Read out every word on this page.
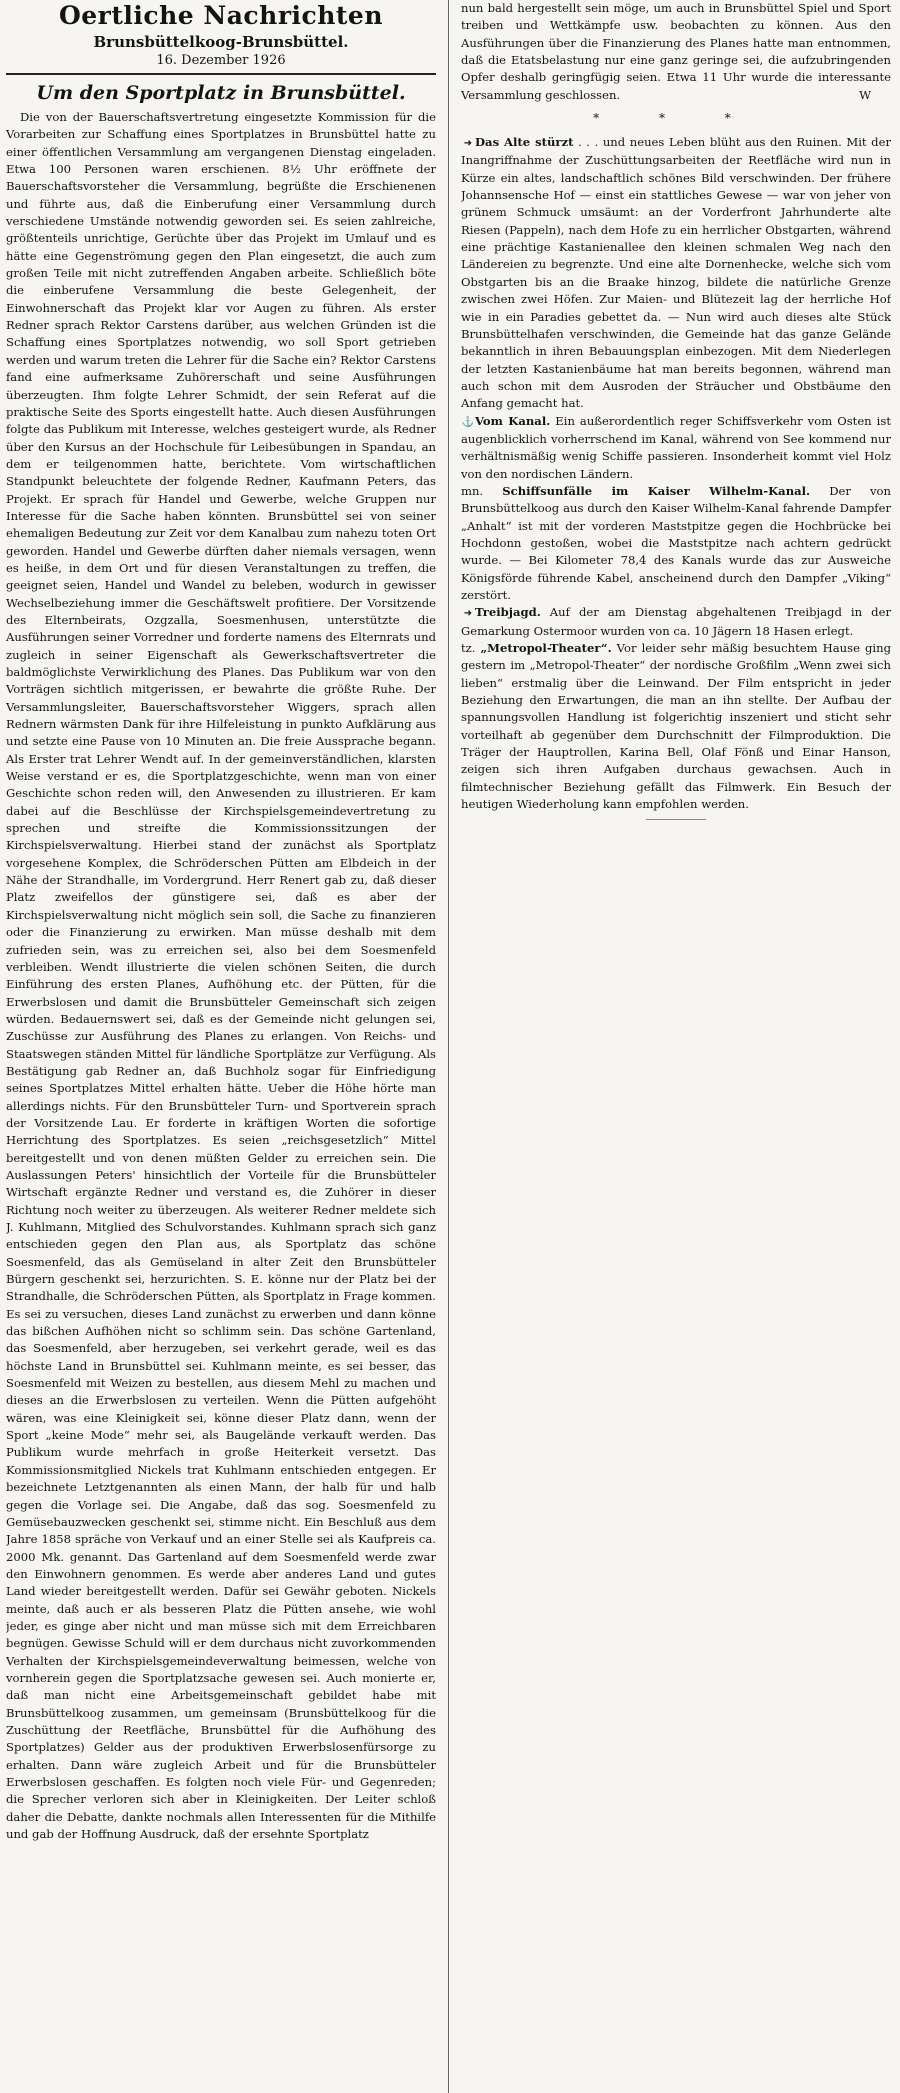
Oertliche Nachrichten
Brunsbüttelkoog-Brunsbüttel.
16. Dezember 1926
Um den Sportplatz in Brunsbüttel.

Die von der Bauerschaftsvertretung eingesetzte Kommission für die Vorarbeiten zur Schaffung eines Sportplatzes in Brunsbüttel hatte zu einer öffentlichen Versammlung am vergangenen Dienstag eingeladen. Etwa 100 Personen waren erschienen. 8½ Uhr eröffnete der Bauerschaftsvorsteher die Versammlung, begrüßte die Erschienenen und führte aus, daß die Einberufung einer Versammlung durch verschiedene Umstände notwendig geworden sei. Es seien zahlreiche, größtenteils unrichtige, Gerüchte über das Projekt im Umlauf und es hätte eine Gegenströmung gegen den Plan eingesetzt, die auch zum großen Teile mit nicht zutreffenden Angaben arbeite. Schließlich böte die einberufene Versammlung die beste Gelegenheit, der Einwohnerschaft das Projekt klar vor Augen zu führen. Als erster Redner sprach Rektor Carstens darüber, aus welchen Gründen ist die Schaffung eines Sportplatzes notwendig, wo soll Sport getrieben werden und warum treten die Lehrer für die Sache ein? Rektor Carstens fand eine aufmerksame Zuhörerschaft und seine Ausführungen überzeugten. Ihm folgte Lehrer Schmidt, der sein Referat auf die praktische Seite des Sports eingestellt hatte. Auch diesen Ausführungen folgte das Publikum mit Interesse, welches gesteigert wurde, als Redner über den Kursus an der Hochschule für Leibesübungen in Spandau, an dem er teilgenommen hatte, berichtete. Vom wirtschaftlichen Standpunkt beleuchtete der folgende Redner, Kaufmann Peters, das Projekt. Er sprach für Handel und Gewerbe, welche Gruppen nur Interesse für die Sache haben könnten. Brunsbüttel sei von seiner ehemaligen Bedeutung zur Zeit vor dem Kanalbau zum nahezu toten Ort geworden. Handel und Gewerbe dürften daher niemals versagen, wenn es heiße, in dem Ort und für diesen Veranstaltungen zu treffen, die geeignet seien, Handel und Wandel zu beleben, wodurch in gewisser Wechselbeziehung immer die Geschäftswelt profitiere. Der Vorsitzende des Elternbeirats, Ozgzalla, Soesmenhusen, unterstützte die Ausführungen seiner Vorredner und forderte namens des Elternrats und zugleich in seiner Eigenschaft als Gewerkschaftsvertreter die baldmöglichste Verwirklichung des Planes. Das Publikum war von den Vorträgen sichtlich mitgerissen, er bewahrte die größte Ruhe. Der Versammlungsleiter, Bauerschaftsvorsteher Wiggers, sprach allen Rednern wärmsten Dank für ihre Hilfeleistung in punkto Aufklärung aus und setzte eine Pause von 10 Minuten an. Die freie Aussprache begann. Als Erster trat Lehrer Wendt auf. In der gemeinverständlichen, klarsten Weise verstand er es, die Sportplatzgeschichte, wenn man von einer Geschichte schon reden will, den Anwesenden zu illustrieren. Er kam dabei auf die Beschlüsse der Kirchspielsgemeindevertretung zu sprechen und streifte die Kommissionssitzungen der Kirchspielsverwaltung. Hierbei stand der zunächst als Sportplatz vorgesehene Komplex, die Schröderschen Pütten am Elbdeich in der Nähe der Strandhalle, im Vordergrund. Herr Renert gab zu, daß dieser Platz zweifellos der günstigere sei, daß es aber der Kirchspielsverwaltung nicht möglich sein soll, die Sache zu finanzieren oder die Finanzierung zu erwirken. Man müsse deshalb mit dem zufrieden sein, was zu erreichen sei, also bei dem Soesmenfeld verbleiben. Wendt illustrierte die vielen schönen Seiten, die durch Einführung des ersten Planes, Aufhöhung etc. der Pütten, für die Erwerbslosen und damit die Brunsbütteler Gemeinschaft sich zeigen würden. Bedauernswert sei, daß es der Gemeinde nicht gelungen sei, Zuschüsse zur Ausführung des Planes zu erlangen. Von Reichs- und Staatswegen ständen Mittel für ländliche Sportplätze zur Verfügung. Als Bestätigung gab Redner an, daß Buchholz sogar für Einfriedigung seines Sportplatzes Mittel erhalten hätte. Ueber die Höhe hörte man allerdings nichts. Für den Brunsbütteler Turn- und Sportverein sprach der Vorsitzende Lau. Er forderte in kräftigen Worten die sofortige Herrichtung des Sportplatzes. Es seien „reichsgesetzlich“ Mittel bereitgestellt und von denen müßten Gelder zu erreichen sein. Die Auslassungen Peters' hinsichtlich der Vorteile für die Brunsbütteler Wirtschaft ergänzte Redner und verstand es, die Zuhörer in dieser Richtung noch weiter zu überzeugen. Als weiterer Redner meldete sich J. Kuhlmann, Mitglied des Schulvorstandes. Kuhlmann sprach sich ganz entschieden gegen den Plan aus, als Sportplatz das schöne Soesmenfeld, das als Gemüseland in alter Zeit den Brunsbütteler Bürgern geschenkt sei, herzurichten. S. E. könne nur der Platz bei der Strandhalle, die Schröderschen Pütten, als Sportplatz in Frage kommen. Es sei zu versuchen, dieses Land zunächst zu erwerben und dann könne das bißchen Aufhöhen nicht so schlimm sein. Das schöne Gartenland, das Soesmenfeld, aber herzugeben, sei verkehrt gerade, weil es das höchste Land in Brunsbüttel sei. Kuhlmann meinte, es sei besser, das Soesmenfeld mit Weizen zu bestellen, aus diesem Mehl zu machen und dieses an die Erwerbslosen zu verteilen. Wenn die Pütten aufgehöht wären, was eine Kleinigkeit sei, könne dieser Platz dann, wenn der Sport „keine Mode“ mehr sei, als Baugelände verkauft werden. Das Publikum wurde mehrfach in große Heiterkeit versetzt. Das Kommissionsmitglied Nickels trat Kuhlmann entschieden entgegen. Er bezeichnete Letztgenannten als einen Mann, der halb für und halb gegen die Vorlage sei. Die Angabe, daß das sog. Soesmenfeld zu Gemüsebauzwecken geschenkt sei, stimme nicht. Ein Beschluß aus dem Jahre 1858 spräche von Verkauf und an einer Stelle sei als Kaufpreis ca. 2000 Mk. genannt. Das Gartenland auf dem Soesmenfeld werde zwar den Einwohnern genommen. Es werde aber anderes Land und gutes Land wieder bereitgestellt werden. Dafür sei Gewähr geboten. Nickels meinte, daß auch er als besseren Platz die Pütten ansehe, wie wohl jeder, es ginge aber nicht und man müsse sich mit dem Erreichbaren begnügen. Gewisse Schuld will er dem durchaus nicht zuvorkommenden Verhalten der Kirchspielsgemeindeverwaltung beimessen, welche von vornherein gegen die Sportplatzsache gewesen sei. Auch monierte er, daß man nicht eine Arbeitsgemeinschaft gebildet habe mit Brunsbüttelkoog zusammen, um gemeinsam (Brunsbüttelkoog für die Zuschüttung der Reetfläche, Brunsbüttel für die Aufhöhung des Sportplatzes) Gelder aus der produktiven Erwerbslosenfürsorge zu erhalten. Dann wäre zugleich Arbeit und für die Brunsbütteler Erwerbslosen geschaffen. Es folgten noch viele Für- und Gegenreden; die Sprecher verloren sich aber in Kleinigkeiten. Der Leiter schloß daher die Debatte, dankte nochmals allen Interessenten für die Mithilfe und gab der Hoffnung Ausdruck, daß der ersehnte Sportplatz

nun bald hergestellt sein möge, um auch in Brunsbüttel Spiel und Sport treiben und Wettkämpfe usw. beobachten zu können. Aus den Ausführungen über die Finanzierung des Planes hatte man entnommen, daß die Etatsbelastung nur eine ganz geringe sei, die aufzubringenden Opfer deshalb geringfügig seien. Etwa 11 Uhr wurde die interessante Versammlung geschlossen.	W

* * *

➜ Das Alte stürzt . . . und neues Leben blüht aus den Ruinen. Mit der Inangriffnahme der Zuschüttungsarbeiten der Reetfläche wird nun in Kürze ein altes, landschaftlich schönes Bild verschwinden. Der frühere Johannsensche Hof — einst ein stattliches Gewese — war von jeher von grünem Schmuck umsäumt: an der Vorderfront Jahrhunderte alte Riesen (Pappeln), nach dem Hofe zu ein herrlicher Obstgarten, während eine prächtige Kastanienallee den kleinen schmalen Weg nach den Ländereien zu begrenzte. Und eine alte Dornenhecke, welche sich vom Obstgarten bis an die Braake hinzog, bildete die natürliche Grenze zwischen zwei Höfen. Zur Maien- und Blütezeit lag der herrliche Hof wie in ein Paradies gebettet da. — Nun wird auch dieses alte Stück Brunsbüttelhafen verschwinden, die Gemeinde hat das ganze Gelände bekanntlich in ihren Bebauungsplan einbezogen. Mit dem Niederlegen der letzten Kastanienbäume hat man bereits begonnen, während man auch schon mit dem Ausroden der Sträucher und Obstbäume den Anfang gemacht hat.

⚓Vom Kanal. Ein außerordentlich reger Schiffsverkehr vom Osten ist augenblicklich vorherrschend im Kanal, während von See kommend nur verhältnismäßig wenig Schiffe passieren. Insonderheit kommt viel Holz von den nordischen Ländern.

mn. Schiffsunfälle im Kaiser Wilhelm-Kanal. Der von Brunsbüttelkoog aus durch den Kaiser Wilhelm-Kanal fahrende Dampfer „Anhalt“ ist mit der vorderen Maststpitze gegen die Hochbrücke bei Hochdonn gestoßen, wobei die Maststpitze nach achtern gedrückt wurde. — Bei Kilometer 78,4 des Kanals wurde das zur Ausweiche Königsförde führende Kabel, anscheinend durch den Dampfer „Viking“ zerstört.

➜ Treibjagd. Auf der am Dienstag abgehaltenen Treibjagd in der Gemarkung Ostermoor wurden von ca. 10 Jägern 18 Hasen erlegt.

tz. „Metropol-Theater“. Vor leider sehr mäßig besuchtem Hause ging gestern im „Metropol-Theater“ der nordische Großfilm „Wenn zwei sich lieben“ erstmalig über die Leinwand. Der Film entspricht in jeder Beziehung den Erwartungen, die man an ihn stellte. Der Aufbau der spannungsvollen Handlung ist folgerichtig inszeniert und sticht sehr vorteilhaft ab gegenüber dem Durchschnitt der Filmproduktion. Die Träger der Hauptrollen, Karina Bell, Olaf Fönß und Einar Hanson, zeigen sich ihren Aufgaben durchaus gewachsen. Auch in filmtechnischer Beziehung gefällt das Filmwerk. Ein Besuch der heutigen Wiederholung kann empfohlen werden.
